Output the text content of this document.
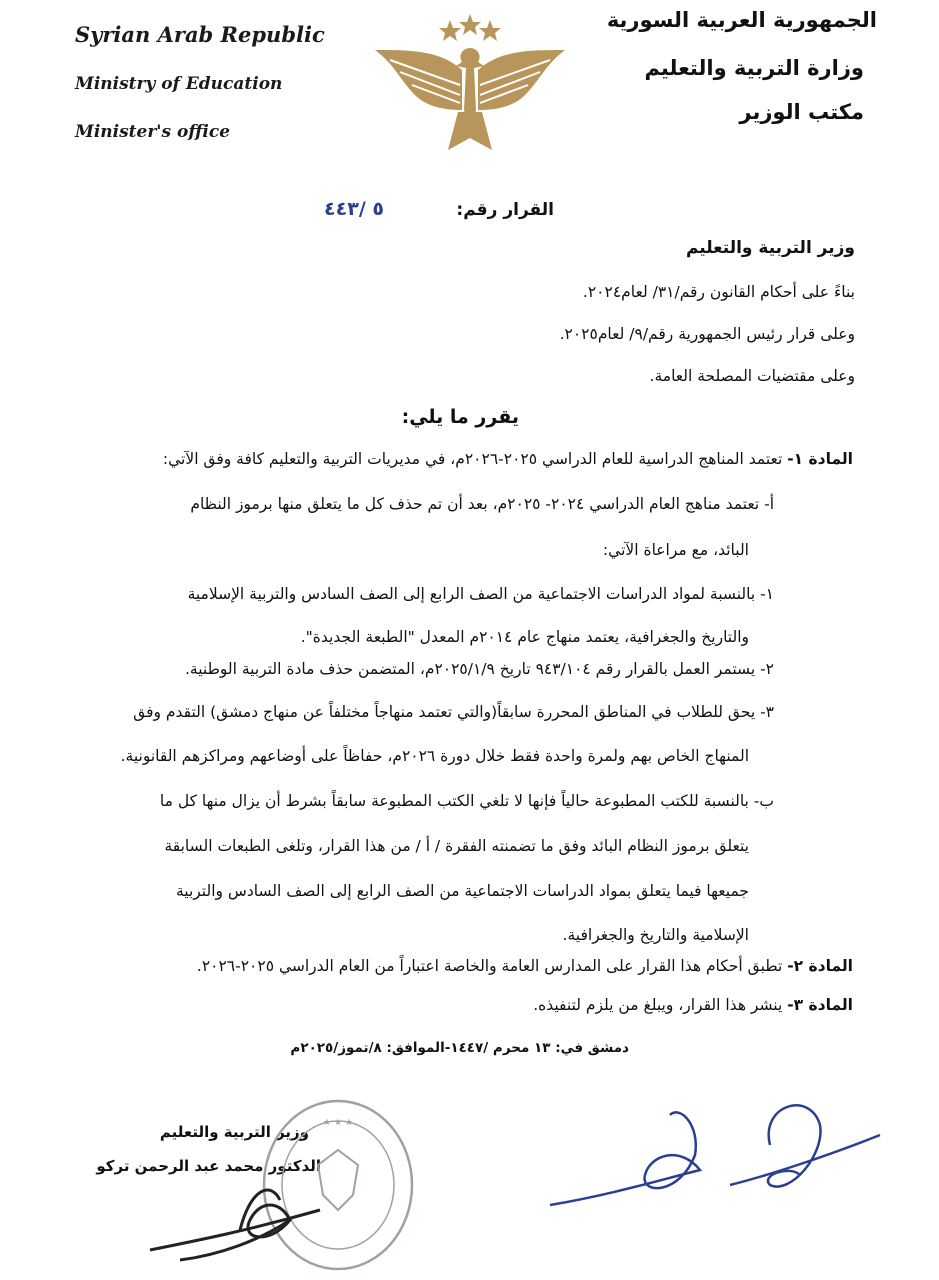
Syrian Arab Republic
Ministry of Education
Minister's office
الجمهورية العربية السورية
وزارة التربية والتعليم
مكتب الوزير
القرار رقم:
٥ /٤٤٣
وزير التربية والتعليم
بناءً على أحكام القانون رقم/٣١/ لعام٢٠٢٤.
وعلى قرار رئيس الجمهورية رقم/٩/ لعام٢٠٢٥.
وعلى مقتضيات المصلحة العامة.
يقرر ما يلي:
المادة ١- تعتمد المناهج الدراسية للعام الدراسي ٢٠٢٥-٢٠٢٦م، في مديريات التربية والتعليم كافة وفق الآتي:
أ- تعتمد مناهج العام الدراسي ٢٠٢٤- ٢٠٢٥م، بعد أن تم حذف كل ما يتعلق منها برموز النظام
البائد، مع مراعاة الآتي:
١- بالنسبة لمواد الدراسات الاجتماعية من الصف الرابع إلى الصف السادس والتربية الإسلامية
والتاريخ والجغرافية، يعتمد منهاج عام ٢٠١٤م المعدل "الطبعة الجديدة".
٢- يستمر العمل بالقرار رقم ٩٤٣/١٠٤ تاريخ ٢٠٢٥/١/٩م، المتضمن حذف مادة التربية الوطنية.
٣- يحق للطلاب في المناطق المحررة سابقاً(والتي تعتمد منهاجاً مختلفاً عن منهاج دمشق) التقدم وفق
المنهاج الخاص بهم ولمرة واحدة فقط خلال دورة ٢٠٢٦م، حفاظاً على أوضاعهم ومراكزهم القانونية.
ب- بالنسبة للكتب المطبوعة حالياً فإنها لا تلغي الكتب المطبوعة سابقاً بشرط أن يزال منها كل ما
يتعلق برموز النظام البائد وفق ما تضمنته الفقرة / أ / من هذا القرار، وتلغى الطبعات السابقة
جميعها فيما يتعلق بمواد الدراسات الاجتماعية من الصف الرابع إلى الصف السادس والتربية
الإسلامية والتاريخ والجغرافية.
المادة ٢- تطبق أحكام هذا القرار على المدارس العامة والخاصة اعتباراً من العام الدراسي ٢٠٢٥-٢٠٢٦.
المادة ٣- ينشر هذا القرار، ويبلغ من يلزم لتنفيذه.
دمشق في: ١٣ محرم /١٤٤٧-الموافق: ٨/تموز/٢٠٢٥م
وزير التربية والتعليم
الدكتور محمد عبد الرحمن تركو
★ ★ ★
